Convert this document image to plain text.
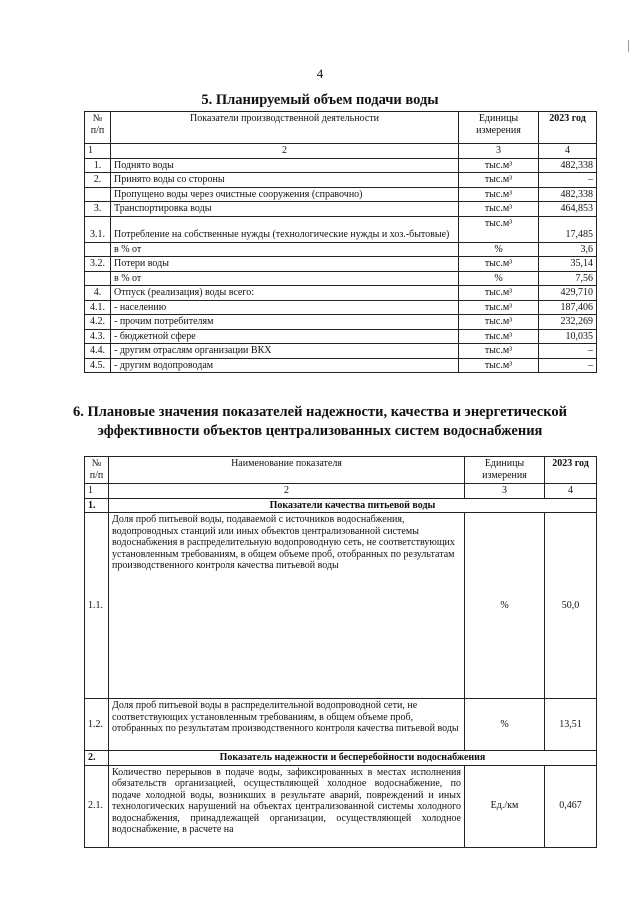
4
5. Планируемый объем подачи воды
№
п/п	Показатели производственной деятельности	Единицы измерения	2023 год
1	2	3	4
1.	Поднято воды	тыс.м³	482,338
2.	Принято воды со стороны	тыс.м³	–
	Пропущено воды через очистные сооружения (справочно)	тыс.м³	482,338
3.	Транспортировка воды	тыс.м³	464,853
3.1.	Потребление на собственные нужды (технологические нужды и хоз.-бытовые)	тыс.м³	17,485
	в % от	%	3,6
3.2.	Потери воды	тыс.м³	35,14
	в % от	%	7,56
4.	Отпуск (реализация) воды всего:	тыс.м³	429,710
4.1.	- населению	тыс.м³	187,406
4.2.	- прочим потребителям	тыс.м³	232,269
4.3.	- бюджетной сфере	тыс.м³	10,035
4.4.	- другим отраслям организации ВКХ	тыс.м³	–
4.5.	- другим водопроводам	тыс.м³	–
6. Плановые значения показателей надежности, качества и энергетической эффективности объектов централизованных систем водоснабжения
№
п/п	Наименование показателя	Единицы измерения	2023 год
1	2	3	4
1.	Показатели качества питьевой воды		
1.1.	Доля проб питьевой воды, подаваемой с источников водоснабжения, водопроводных станций или иных объектов централизованной системы водоснабжения в распределительную водопроводную сеть, не соответствующих установленным требованиям, в общем объеме проб, отобранных по результатам производственного контроля качества питьевой воды	%	50,0
1.2.	Доля проб питьевой воды в распределительной водопроводной сети, не соответствующих установленным требованиям, в общем объеме проб, отобранных по результатам производственного контроля качества питьевой воды	%	13,51
2.	Показатель надежности и бесперебойности водоснабжения		
2.1.	Количество перерывов в подаче воды, зафиксированных в местах исполнения обязательств организацией, осуществляющей холодное водоснабжение, по подаче холодной воды, возникших в результате аварий, повреждений и иных технологических нарушений на объектах централизованной системы холодного водоснабжения, принадлежащей организации, осуществляющей холодное водоснабжение, в расчете на	Ед./км	0,467
